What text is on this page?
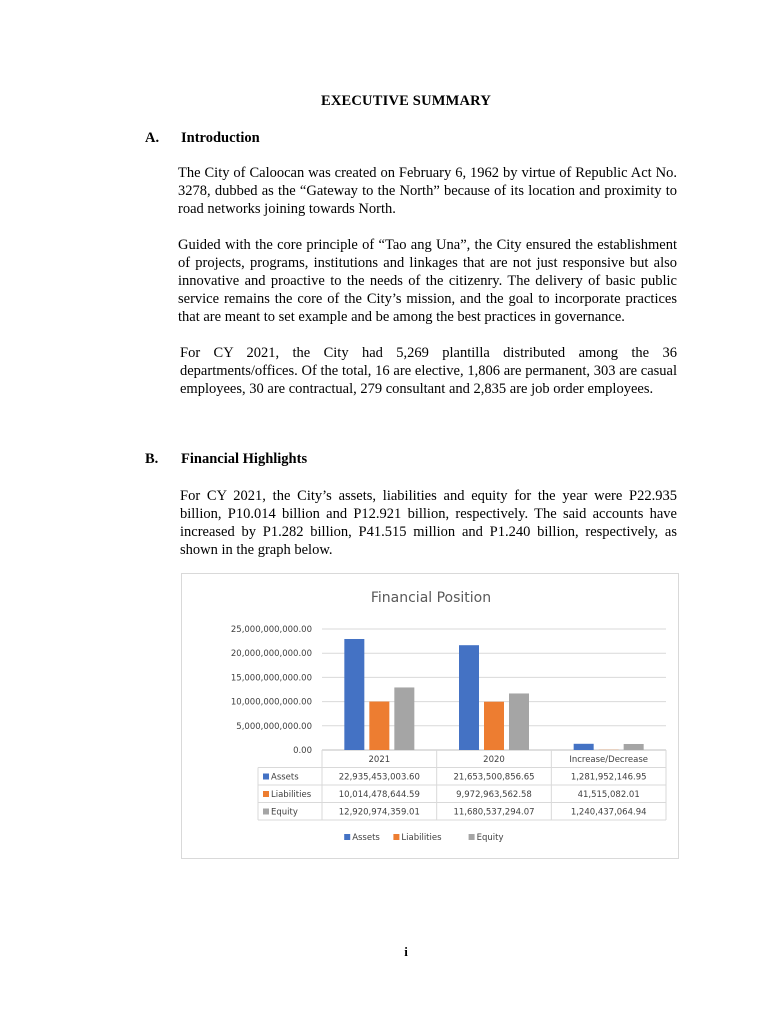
EXECUTIVE SUMMARY
A. Introduction

The City of Caloocan was created on February 6, 1962 by virtue of Republic Act No. 3278, dubbed as the “Gateway to the North” because of its location and proximity to road networks joining towards North.

Guided with the core principle of “Tao ang Una”, the City ensured the establishment of projects, programs, institutions and linkages that are not just responsive but also innovative and proactive to the needs of the citizenry. The delivery of basic public service remains the core of the City’s mission, and the goal to incorporate practices that are meant to set example and be among the best practices in governance.

For CY 2021, the City had 5,269 plantilla distributed among the 36 departments/offices. Of the total, 16 are elective, 1,806 are permanent, 303 are casual employees, 30 are contractual, 279 consultant and 2,835 are job order employees.

B. Financial Highlights

For CY 2021, the City’s assets, liabilities and equity for the year were P22.935 billion, P10.014 billion and P12.921 billion, respectively. The said accounts have increased by P1.282 billion, P41.515 million and P1.240 billion, respectively, as shown in the graph below.

Financial Position
0.00
5,000,000,000.00
10,000,000,000.00
15,000,000,000.00
20,000,000,000.00
25,000,000,000.00
2021	2020	Increase/Decrease
Assets	22,935,453,003.60	21,653,500,856.65	1,281,952,146.95
Liabilities	10,014,478,644.59	9,972,963,562.58	41,515,082.01
Equity	12,920,974,359.01	11,680,537,294.07	1,240,437,064.94
Assets	Liabilities	Equity
i
